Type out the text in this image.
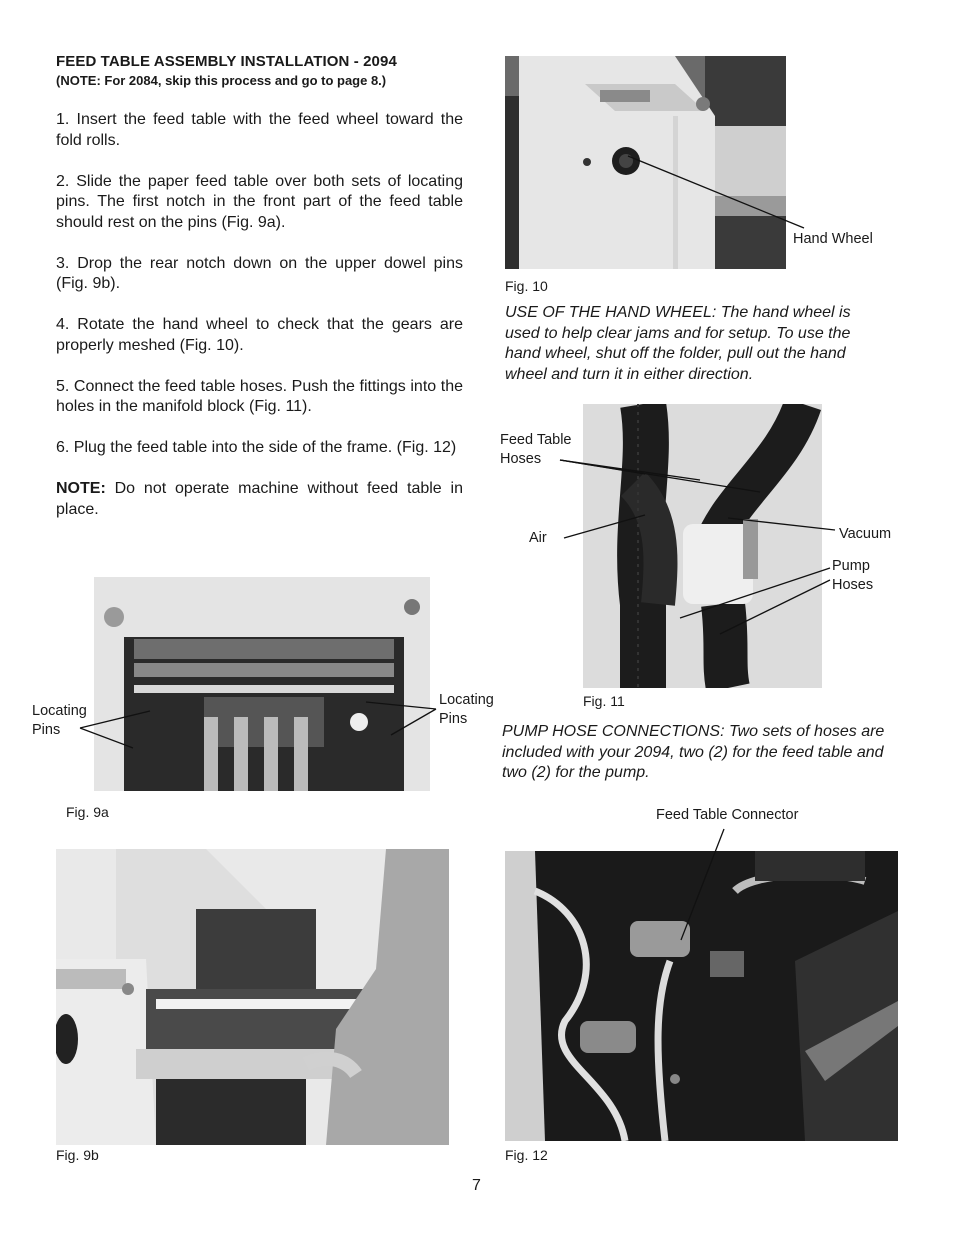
FEED TABLE ASSEMBLY INSTALLATION - 2094
(NOTE: For 2084, skip this process and go to page 8.)

1. Insert the feed table with the feed wheel toward the fold rolls.

2. Slide the paper feed table over both sets of locating pins. The first notch in the front part of the feed table should rest on the pins (Fig. 9a).

3. Drop the rear notch down on the upper dowel pins (Fig. 9b).

4. Rotate the hand wheel to check that the gears are properly meshed (Fig. 10).

5. Connect the feed table hoses. Push the fittings into the holes in the manifold block (Fig. 11).

6. Plug the feed table into the side of the frame. (Fig. 12)

NOTE: Do not operate machine without feed table in place.

Fig. 10
Hand Wheel
USE OF THE HAND WHEEL: The hand wheel is used to help clear jams and for setup. To use the hand wheel, shut off the folder, pull out the hand wheel and turn it in either direction.
Fig. 11
Feed Table
Hoses
Air	Vacuum
Pump
Hoses
PUMP HOSE CONNECTIONS: Two sets of hoses are included with your 2094, two (2) for the feed table and two (2) for the pump.
Fig. 9a
Locating
Pins
Locating
Pins
Feed Table Connector
Fig. 9b	Fig. 12
7
